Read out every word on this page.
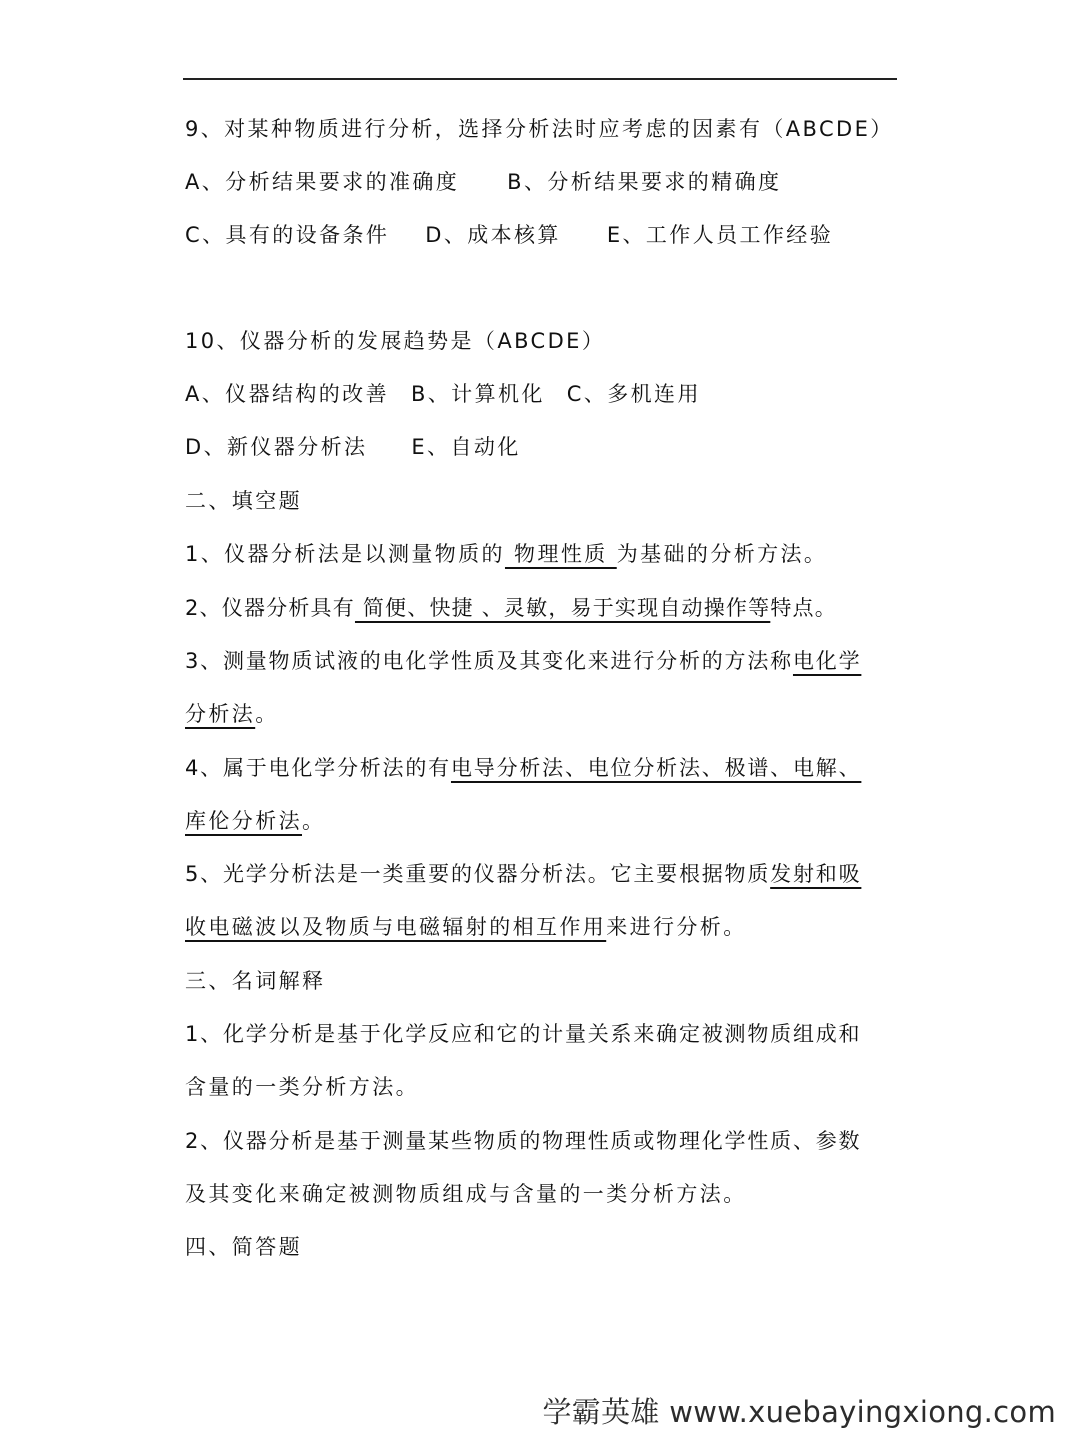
9、对某种物质进行分析，选择分析法时应考虑的因素有（ABCDE）
A、分析结果要求的准确度 B、分析结果要求的精确度
C、具有的设备条件 D、成本核算 E、工作人员工作经验
10、仪器分析的发展趋势是（ABCDE）
A、仪器结构的改善 B、计算机化 C、多机连用
D、新仪器分析法 E、自动化
二、填空题
1、仪器分析法是以测量物质的 物理性质 为基础的分析方法。
2、仪器分析具有 简便、快捷 、灵敏，易于实现自动操作等特点。
3、测量物质试液的电化学性质及其变化来进行分析的方法称电化学
分析法。
4、属于电化学分析法的有电导分析法、电位分析法、极谱、电解、
库伦分析法。
5、光学分析法是一类重要的仪器分析法。它主要根据物质发射和吸
收电磁波以及物质与电磁辐射的相互作用来进行分析。
三、名词解释
1、化学分析是基于化学反应和它的计量关系来确定被测物质组成和
含量的一类分析方法。
2、仪器分析是基于测量某些物质的物理性质或物理化学性质、参数
及其变化来确定被测物质组成与含量的一类分析方法。
四、简答题
学霸英雄 www.xuebayingxiong.com
